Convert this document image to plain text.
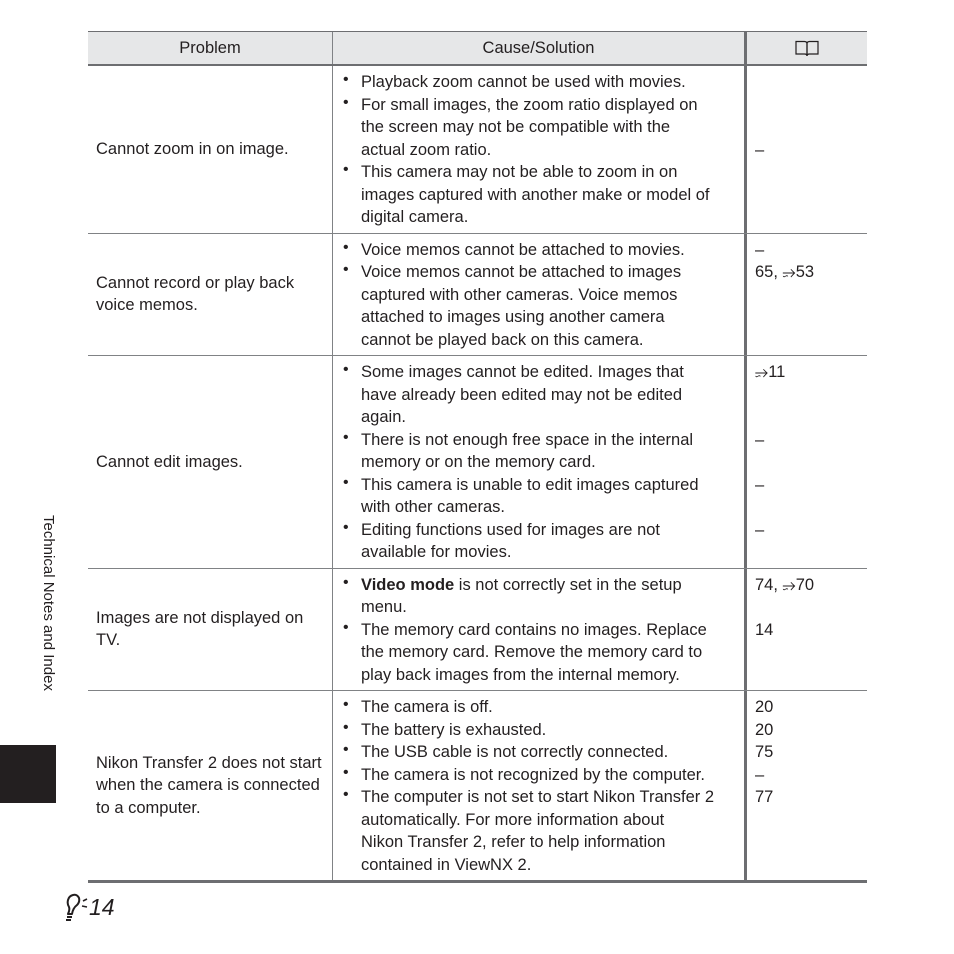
Problem	Cause/Solution
Cannot zoom in on image.
• Playback zoom cannot be used with movies.
• For small images, the zoom ratio displayed on
the screen may not be compatible with the
actual zoom ratio.
• This camera may not be able to zoom in on
images captured with another make or model of
digital camera.

–
Cannot record or play back voice memos.
• Voice memos cannot be attached to movies.
• Voice memos cannot be attached to images
captured with other cameras. Voice memos
attached to images using another camera
cannot be played back on this camera.
–
65, ⭌53
Cannot edit images.
• Some images cannot be edited. Images that
have already been edited may not be edited
again.
• There is not enough free space in the internal
memory or on the memory card.
• This camera is unable to edit images captured
with other cameras.
• Editing functions used for images are not
available for movies.
⭌11

–

–

–
Images are not displayed on TV.
• Video mode is not correctly set in the setup
menu.
• The memory card contains no images. Replace
the memory card. Remove the memory card to
play back images from the internal memory.
74, ⭌70

14
Nikon Transfer 2 does not start when the camera is connected to a computer.
• The camera is off.
• The battery is exhausted.
• The USB cable is not correctly connected.
• The camera is not recognized by the computer.
• The computer is not set to start Nikon Transfer 2
automatically. For more information about
Nikon Transfer 2, refer to help information
contained in ViewNX 2.
20
20
75
–
77
Technical Notes and Index
14
